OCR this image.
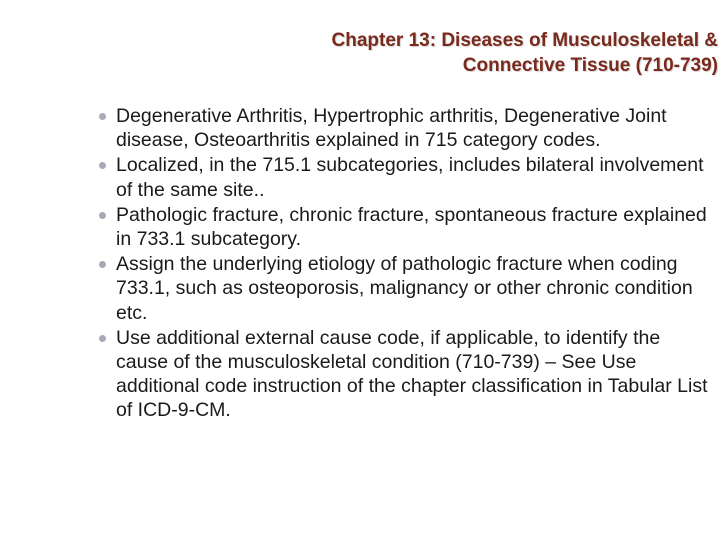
Chapter 13: Diseases of Musculoskeletal &
Connective Tissue (710-739)
Degenerative Arthritis, Hypertrophic arthritis, Degenerative Joint disease, Osteoarthritis explained in 715 category codes.
Localized, in the 715.1 subcategories, includes bilateral involvement of the same site..
Pathologic fracture, chronic fracture, spontaneous fracture explained in 733.1 subcategory.
Assign the underlying etiology of pathologic fracture when coding 733.1, such as osteoporosis, malignancy or other chronic condition etc.
Use additional external cause code, if applicable, to identify the cause of the musculoskeletal condition (710-739) – See Use additional code instruction of the chapter classification in Tabular List of ICD-9-CM.
